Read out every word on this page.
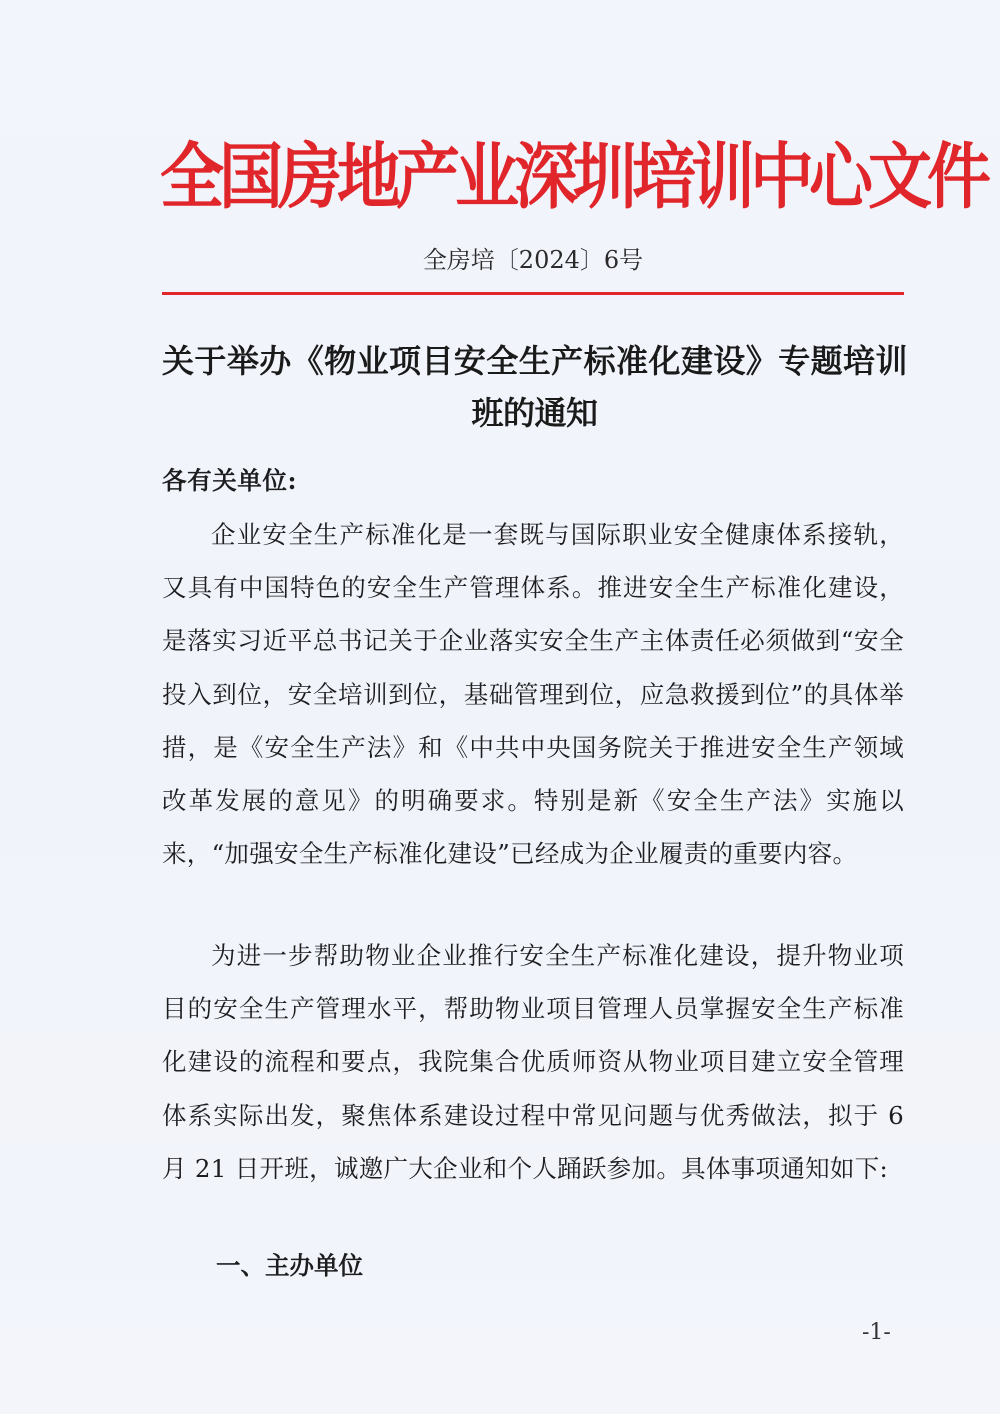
全国房地产业深圳培训中心文件
全房培〔2024〕6号
关于举办《物业项目安全生产标准化建设》专题培训班的通知
各有关单位:
企业安全生产标准化是一套既与国际职业安全健康体系接轨，又具有中国特色的安全生产管理体系。推进安全生产标准化建设，是落实习近平总书记关于企业落实安全生产主体责任必须做到“安全投入到位，安全培训到位，基础管理到位，应急救援到位”的具体举措，是《安全生产法》和《中共中央国务院关于推进安全生产领域改革发展的意见》的明确要求。特别是新《安全生产法》实施以来，“加强安全生产标准化建设”已经成为企业履责的重要内容。
为进一步帮助物业企业推行安全生产标准化建设，提升物业项目的安全生产管理水平，帮助物业项目管理人员掌握安全生产标准化建设的流程和要点，我院集合优质师资从物业项目建立安全管理体系实际出发，聚焦体系建设过程中常见问题与优秀做法，拟于 6 月 21 日开班，诚邀广大企业和个人踊跃参加。具体事项通知如下:
一、主办单位
-1-
